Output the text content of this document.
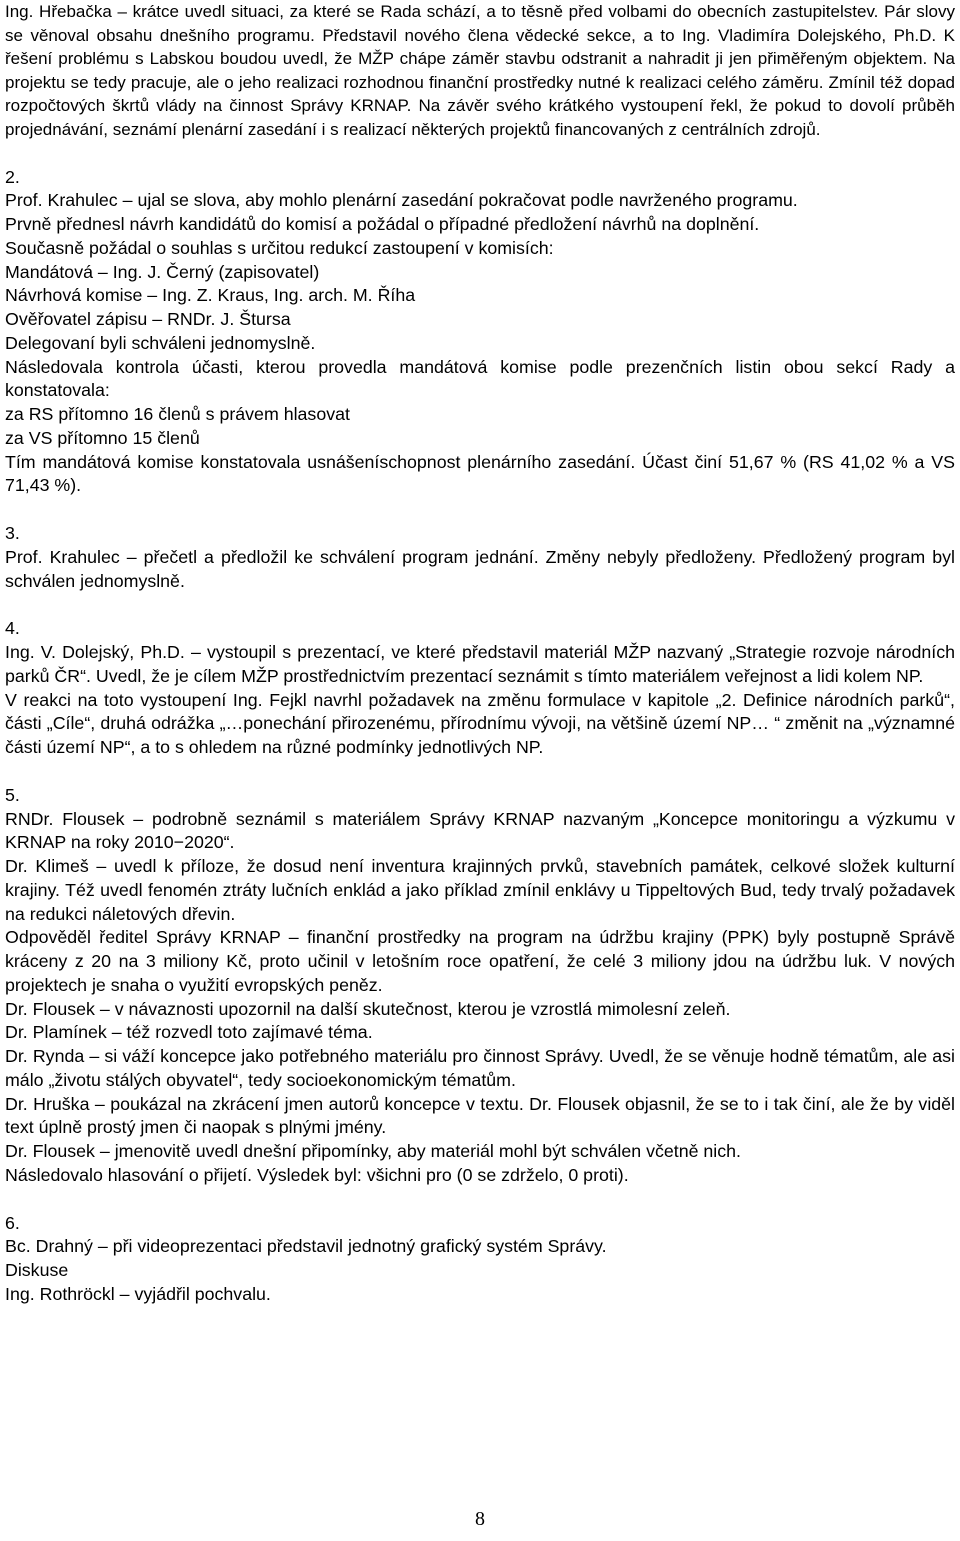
Ing. Hřebačka – krátce uvedl situaci, za které se Rada schází, a to těsně před volbami do obecních zastupitelstev. Pár slovy se věnoval obsahu dnešního programu. Představil nového člena vědecké sekce, a to Ing. Vladimíra Dolejského, Ph.D. K řešení problému s Labskou boudou uvedl, že MŽP chápe záměr stavbu odstranit a nahradit ji jen přiměřeným objektem. Na projektu se tedy pracuje, ale o jeho realizaci rozhodnou finanční prostředky nutné k realizaci celého záměru. Zmínil též dopad rozpočtových škrtů vlády na činnost Správy KRNAP. Na závěr svého krátkého vystoupení řekl, že pokud to dovolí průběh projednávání, seznámí plenární zasedání i s realizací některých projektů financovaných z centrálních zdrojů.

2.

Prof. Krahulec – ujal se slova, aby mohlo plenární zasedání pokračovat podle navrženého programu.

Prvně přednesl návrh kandidátů do komisí a požádal o případné předložení návrhů na doplnění.

Současně požádal o souhlas s určitou redukcí zastoupení v komisích:

Mandátová – Ing. J. Černý (zapisovatel)

Návrhová komise – Ing. Z. Kraus, Ing. arch. M. Říha

Ověřovatel zápisu – RNDr. J. Štursa

Delegovaní byli schváleni jednomyslně.

Následovala kontrola účasti, kterou provedla mandátová komise podle prezenčních listin obou sekcí Rady a konstatovala:

za RS přítomno 16 členů s právem hlasovat

za VS přítomno 15 členů

Tím mandátová komise konstatovala usnášeníschopnost plenárního zasedání. Účast činí 51,67 % (RS 41,02 % a VS 71,43 %).

3.

Prof. Krahulec – přečetl a předložil ke schválení program jednání. Změny nebyly předloženy. Předložený program byl schválen jednomyslně.

4.

Ing. V. Dolejský, Ph.D. – vystoupil s prezentací, ve které představil materiál MŽP nazvaný „Strategie rozvoje národních parků ČR“. Uvedl, že je cílem MŽP prostřednictvím prezentací seznámit s tímto materiálem veřejnost a lidi kolem NP.

V reakci na toto vystoupení Ing. Fejkl navrhl požadavek na změnu formulace v kapitole „2. Definice národních parků“, části „Cíle“, druhá odrážka „…ponechání přirozenému, přírodnímu vývoji, na většině území NP… “ změnit na „významné části území NP“, a to s ohledem na různé podmínky jednotlivých NP.

5.

RNDr. Flousek – podrobně seznámil s materiálem Správy KRNAP nazvaným „Koncepce monitoringu a výzkumu v KRNAP na roky 2010−2020“.

Dr. Klimeš – uvedl k příloze, že dosud není inventura krajinných prvků, stavebních památek, celkové složek kulturní krajiny. Též uvedl fenomén ztráty lučních enklád a jako příklad zmínil enklávy u Tippeltových Bud, tedy trvalý požadavek na redukci náletových dřevin.

Odpověděl ředitel Správy KRNAP – finanční prostředky na program na údržbu krajiny (PPK) byly postupně Správě kráceny z 20 na 3 miliony Kč, proto učinil v letošním roce opatření, že celé 3 miliony jdou na údržbu luk. V nových projektech je snaha o využití evropských peněz.

Dr. Flousek – v návaznosti upozornil na další skutečnost, kterou je vzrostlá mimolesní zeleň.

Dr. Plamínek – též rozvedl toto zajímavé téma.

Dr. Rynda – si váží koncepce jako potřebného materiálu pro činnost Správy. Uvedl, že se věnuje hodně tématům, ale asi málo „životu stálých obyvatel“, tedy socioekonomickým tématům.

Dr. Hruška – poukázal na zkrácení jmen autorů koncepce v textu. Dr. Flousek objasnil, že se to i tak činí, ale že by viděl text úplně prostý jmen či naopak s plnými jmény.

Dr. Flousek – jmenovitě uvedl dnešní připomínky, aby materiál mohl být schválen včetně nich.

Následovalo hlasování o přijetí. Výsledek byl: všichni pro (0 se zdrželo, 0 proti).

6.

Bc. Drahný – při videoprezentaci představil jednotný grafický systém Správy.

Diskuse

Ing. Rothröckl – vyjádřil pochvalu.

8
